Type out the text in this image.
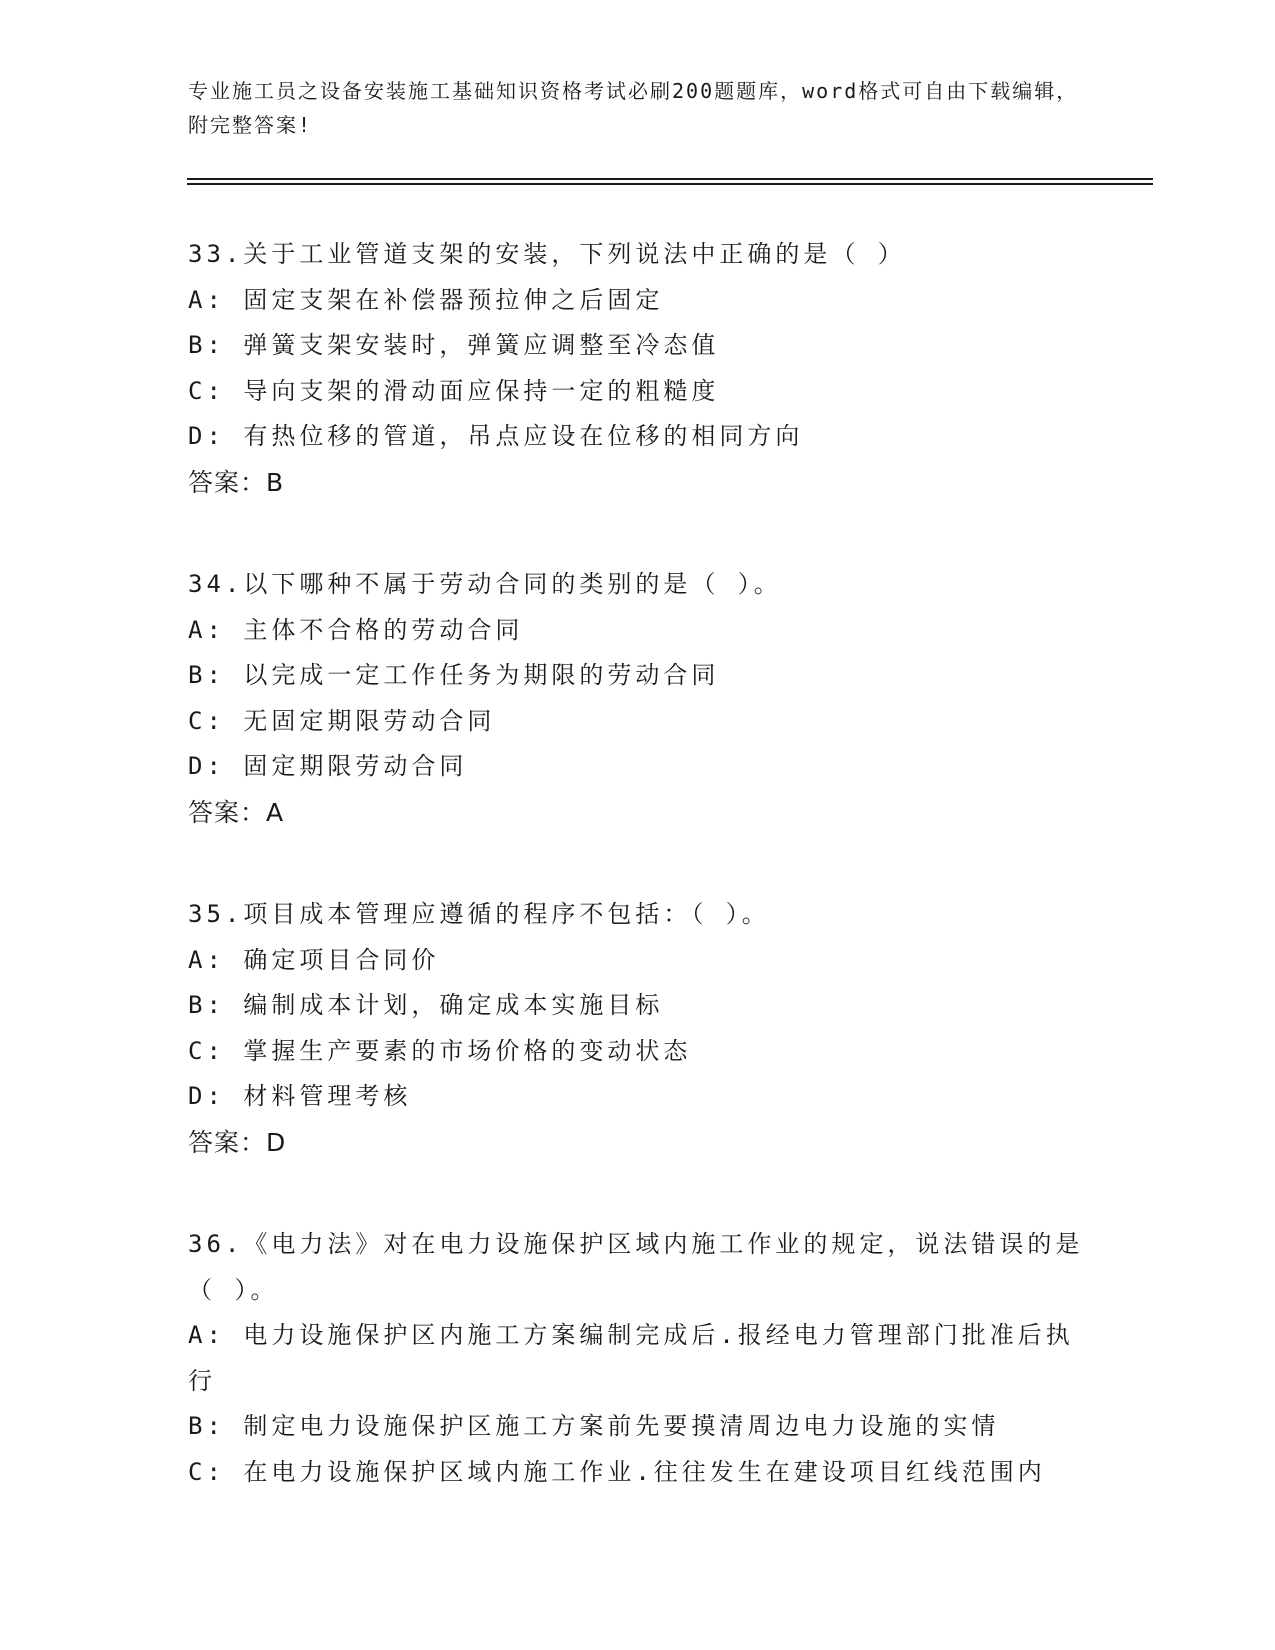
专业施工员之设备安装施工基础知识资格考试必刷200题题库，word格式可自由下载编辑，附完整答案!
33.关于工业管道支架的安装，下列说法中正确的是（ ）
A: 固定支架在补偿器预拉伸之后固定
B: 弹簧支架安装时，弹簧应调整至冷态值
C: 导向支架的滑动面应保持一定的粗糙度
D: 有热位移的管道，吊点应设在位移的相同方向
答案：B
34.以下哪种不属于劳动合同的类别的是（ ）。
A: 主体不合格的劳动合同
B: 以完成一定工作任务为期限的劳动合同
C: 无固定期限劳动合同
D: 固定期限劳动合同
答案：A
35.项目成本管理应遵循的程序不包括：（ ）。
A: 确定项目合同价
B: 编制成本计划，确定成本实施目标
C: 掌握生产要素的市场价格的变动状态
D: 材料管理考核
答案：D
36.《电力法》对在电力设施保护区域内施工作业的规定，说法错误的是（ ）。
A: 电力设施保护区内施工方案编制完成后.报经电力管理部门批准后执行
B: 制定电力设施保护区施工方案前先要摸清周边电力设施的实情
C: 在电力设施保护区域内施工作业.往往发生在建设项目红线范围内
